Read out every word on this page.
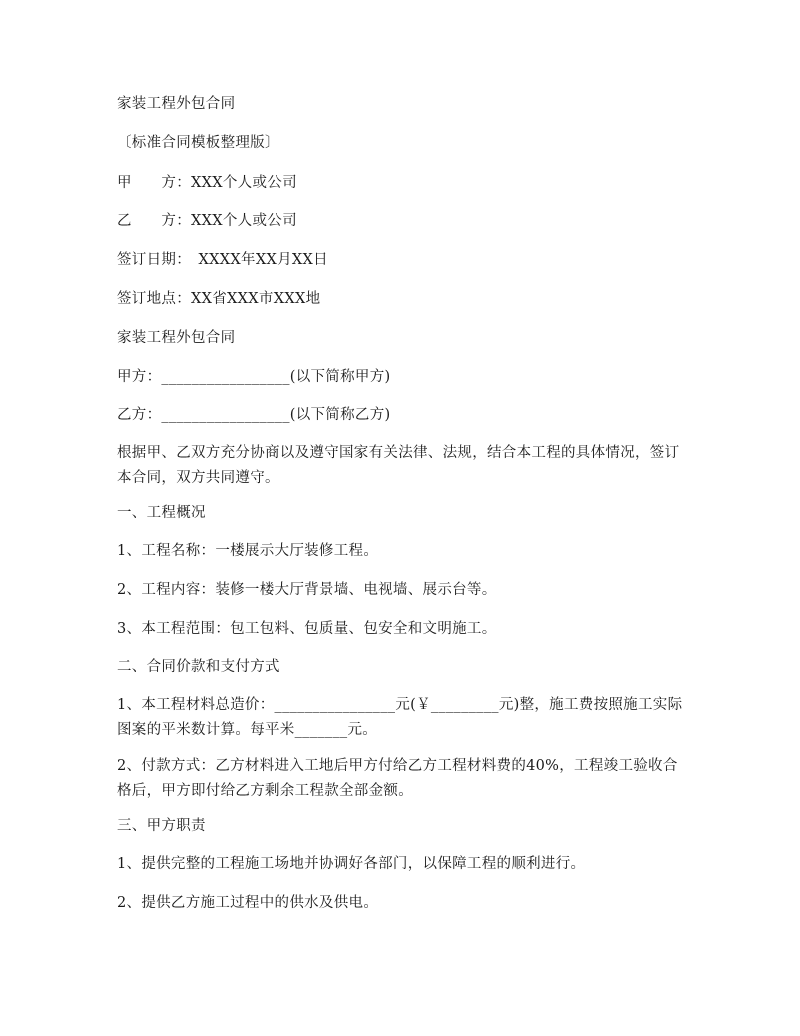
家装工程外包合同
〔标准合同模板整理版〕
甲　　方：XXX个人或公司
乙　　方：XXX个人或公司
签订日期：　XXXX年XX月XX日
签订地点：XX省XXX市XXX地
家装工程外包合同
甲方：_________________(以下简称甲方)
乙方：_________________(以下简称乙方)
根据甲、乙双方充分协商以及遵守国家有关法律、法规，结合本工程的具体情况，签订本合同，双方共同遵守。
一、工程概况
1、工程名称：一楼展示大厅装修工程。
2、工程内容：装修一楼大厅背景墙、电视墙、展示台等。
3、本工程范围：包工包料、包质量、包安全和文明施工。
二、合同价款和支付方式
1、本工程材料总造价：________________元(￥_________元)整，施工费按照施工实际图案的平米数计算。每平米_______元。
2、付款方式：乙方材料进入工地后甲方付给乙方工程材料费的40%，工程竣工验收合格后，甲方即付给乙方剩余工程款全部金额。
三、甲方职责
1、提供完整的工程施工场地并协调好各部门，以保障工程的顺利进行。
2、提供乙方施工过程中的供水及供电。
